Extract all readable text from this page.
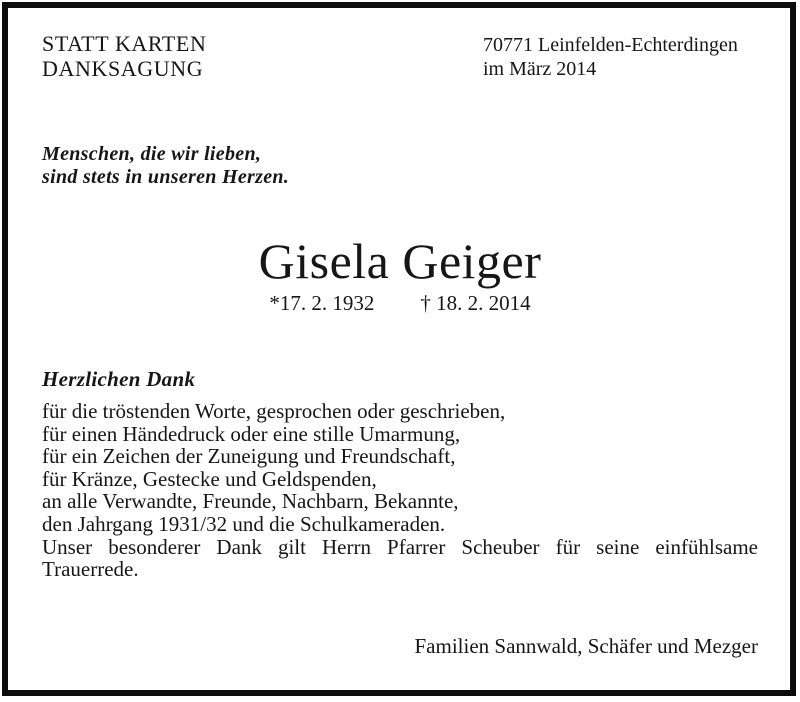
STATT KARTEN
DANKSAGUNG
70771 Leinfelden-Echterdingen
im März 2014
Menschen, die wir lieben,
sind stets in unseren Herzen.
Gisela Geiger
*17. 2. 1932 † 18. 2. 2014
Herzlichen Dank
für die tröstenden Worte, gesprochen oder geschrieben,
für einen Händedruck oder eine stille Umarmung,
für ein Zeichen der Zuneigung und Freundschaft,
für Kränze, Gestecke und Geldspenden,
an alle Verwandte, Freunde, Nachbarn, Bekannte,
den Jahrgang 1931/32 und die Schulkameraden.
Unser besonderer Dank gilt Herrn Pfarrer Scheuber für seine einfühlsame
Trauerrede.
Familien Sannwald, Schäfer und Mezger
